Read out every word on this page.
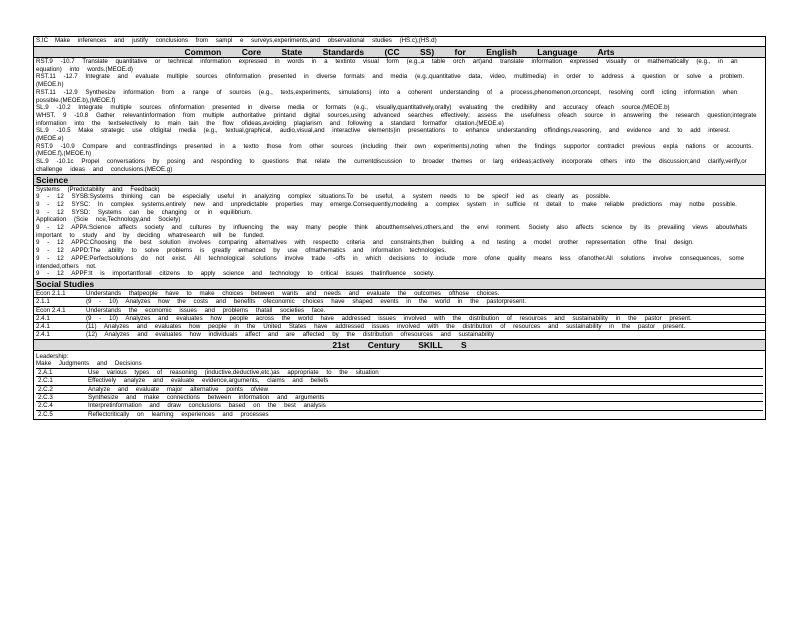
S.IC Make inferences and justify conclusions from sampl e surveys,experiments,and observational studies (HS.c),(HS.d)
Common Core State Standards (CC SS) for English Language Arts

RST.9 -10.7 Translate quantitative or technical information expressed in words in a textinto visual form (e.g.,a table orch art)and translate information expressed visually or mathematically (e.g., in an equation) into words.(MEOE.d)
RST.11 -12.7 Integrate and evaluate multiple sources ofinformation presented in diverse formats and media (e.g.,quantitative data, video, multimedia) in order to address a question or solve a problem.(MEOE.h)
RST.11 -12.9 Synthesize information from a range of sources (e.g., texts,experiments, simulations) into a coherent understanding of a process,phenomenon,orconcept, resolving confl icting information when possible.(MEOE.b),(MEOE.f)
SL.9 -10.2 Integrate multiple sources ofinformation presented in diverse media or formats (e.g., visually,quantitatively,orally) evaluating the credibility and accuracy ofeach source.(MEOE.b)
WHST. 9 -10.8 Gather relevantinformation from multiple authoritative printand digital sources,using advanced searches effectively; assess the usefulness ofeach source in answering the research question;integrate information into the textselectively to main tain the flow ofideas,avoiding plagiarism and following a standard formatfor citation.(MEOE.e)
SL.9 -10.5 Make strategic use ofdigital media (e.g., textual,graphical, audio,visual,and interactive elements)in presentations to enhance understanding offindings,reasoning, and evidence and to add interest. (MEOE.e)
RST.9 -10.9 Compare and contrastfindings presented in a textto those from other sources (including their own experiments),noting when the findings supportor contradict previous expla nations or accounts. (MEOE.f),(MEOE.h)
SL.9 -10.1c Propel conversations by posing and responding to questions that relate the currentdiscussion to broader themes or larg erideas;actively incorporate others into the discussion;and clarify,verify,or challenge ideas and conclusions.(MEOE.g)

Science

Systems (Predictability and Feedback)
9 - 12 SYSB:Systems thinking can be especially useful in analyzing complex situations.To be useful, a system needs to be specif ied as clearly as possible.
9 - 12 SYSC: In complex systems,entirely new and unpredictable properties may emerge.Consequently,modeling a complex system in sufficie nt detail to make reliable predictions may notbe possible.
9 - 12 SYSD: Systems can be changing or in equilibrium.
Application (Scie nce,Technology,and Society)
9 - 12 APPA:Science affects society and cultures by influencing the way many people think aboutthemselves,others,and the envi ronment. Society also affects science by its prevailing views aboutwhats important to study and by deciding whatresearch will be funded.
9 - 12 APPC:Choosing the best solution involves comparing alternatives with respectto criteria and constraints,then building a nd testing a model orother representation ofthe final design.
9 - 12 APPD:The ability to solve problems is greatly enhanced by use ofmathematics and information technologies.
9 - 12 APPE:Perfectsolutions do not exist. All technological solutions involve trade -offs in which decisions to include more ofone quality means less ofanother.All solutions involve consequences, some intended,others not.
9 - 12 APPF:It is importantforall citizens to apply science and technology to critical issues thatinfluence society.

Social Studies

Econ 2.1.1	Understands thatpeople have to make choices between wants and needs and evaluate the outcomes ofthose choices.
2.1.1	(9 - 10) Analyzes how the costs and benefits ofeconomic choices have shaped events in the world in the pastorpresent.
Econ 2.4.1	Understands the economic issues and problems thatall societies face.
2.4.1	(9 - 10) Analyzes and evaluates how people across the world have addressed issues involved with the distribution of resources and sustainability in the pastor present.
2.4.1	(11) Analyzes and evaluates how people in the United States have addressed issues involved with the distribution of resources and sustainability in the pastor present.
2.4.1	(12) Analyzes and evaluates how individuals affect and are affected by the distribution ofresources and sustainability

21st Century SKILL S

Leadership:
Make Judgments and Decisions
2.A.1	Use various types of reasoning (inductive,deductive,etc.)as appropriate to the situation
2.C.1	Effectively analyze and evaluate evidence,arguments, claims and beliefs
2.C.2	Analyze and evaluate major alternative points ofview
2.C.3	Synthesize and make connections between information and arguments
2.C.4	Interpretinformation and draw conclusions based on the best analysis
2.C.5	Reflectcritically on learning experiences and processes
